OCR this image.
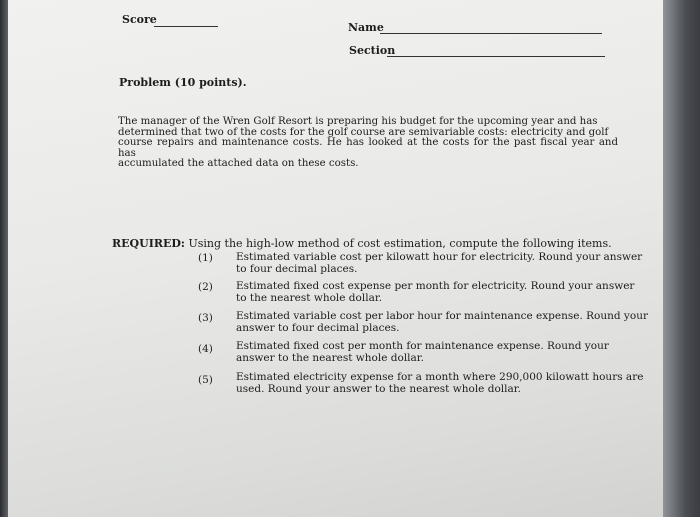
Score
Name
Section
Problem (10 points).
The manager of the Wren Golf Resort is preparing his budget for the upcoming year and has
determined that two of the costs for the golf course are semivariable costs: electricity and golf
course repairs and maintenance costs. He has looked at the costs for the past fiscal year and has
accumulated the attached data on these costs.
REQUIRED: Using the high-low method of cost estimation, compute the following items.
(1) Estimated variable cost per kilowatt hour for electricity. Round your answer
to four decimal places.
(2) Estimated fixed cost expense per month for electricity. Round your answer
to the nearest whole dollar.
(3) Estimated variable cost per labor hour for maintenance expense. Round your
answer to four decimal places.
(4) Estimated fixed cost per month for maintenance expense. Round your
answer to the nearest whole dollar.
(5) Estimated electricity expense for a month where 290,000 kilowatt hours are
used. Round your answer to the nearest whole dollar.
